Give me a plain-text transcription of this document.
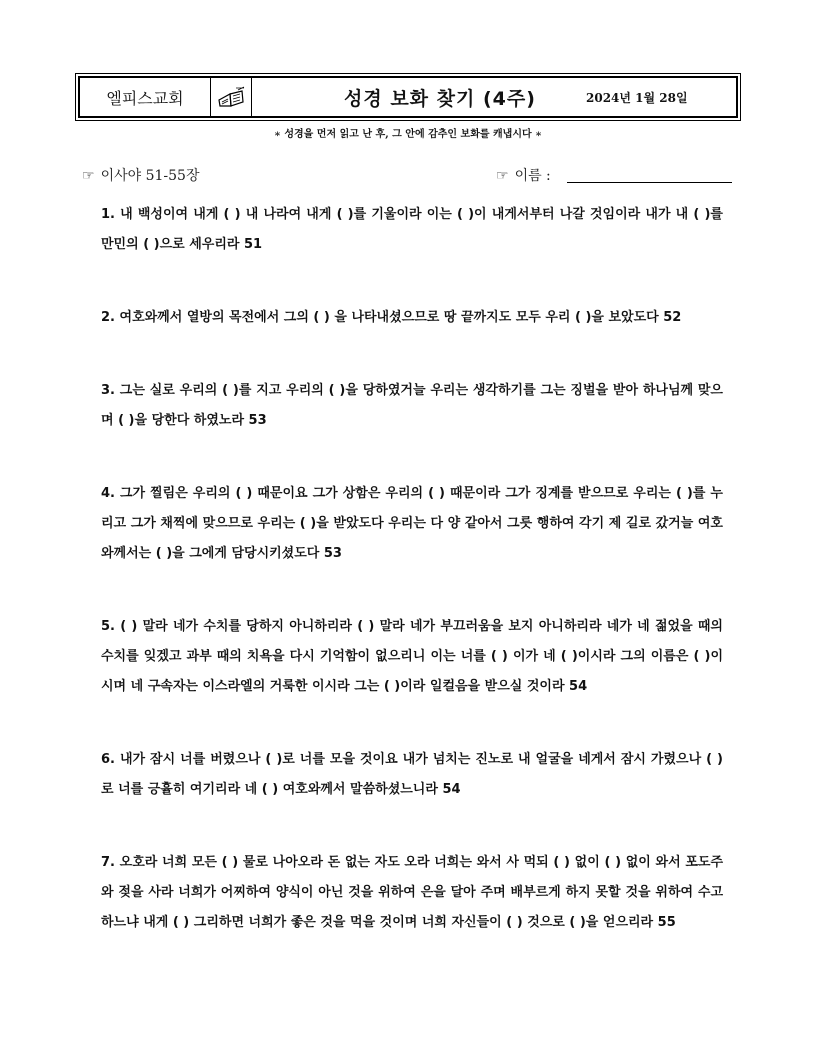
엘피스교회	성경 보화 찾기 (4주)	2024년 1월 28일
∗ 성경을 먼저 읽고 난 후, 그 안에 감추인 보화를 캐냅시다 ∗
☞ 이사야 51-55장	☞ 이름 :

1. 내 백성이여 내게 ( ) 내 나라여 내게 ( )를 기울이라 이는 ( )이 내게서부터 나갈 것임이라 내가 내 ( )를 만민의 ( )으로 세우리라 51

2. 여호와께서 열방의 목전에서 그의 ( ) 을 나타내셨으므로 땅 끝까지도 모두 우리 ( )을 보았도다 52

3. 그는 실로 우리의 ( )를 지고 우리의 ( )을 당하였거늘 우리는 생각하기를 그는 징벌을 받아 하나님께 맞으며 ( )을 당한다 하였노라 53

4. 그가 찔림은 우리의 ( ) 때문이요 그가 상함은 우리의 ( ) 때문이라 그가 징계를 받으므로 우리는 ( )를 누리고 그가 채찍에 맞으므로 우리는 ( )을 받았도다 우리는 다 양 같아서 그릇 행하여 각기 제 길로 갔거늘 여호와께서는 ( )을 그에게 담당시키셨도다 53

5. ( ) 말라 네가 수치를 당하지 아니하리라 ( ) 말라 네가 부끄러움을 보지 아니하리라 네가 네 젊었을 때의 수치를 잊겠고 과부 때의 치욕을 다시 기억함이 없으리니 이는 너를 ( ) 이가 네 ( )이시라 그의 이름은 ( )이시며 네 구속자는 이스라엘의 거룩한 이시라 그는 ( )이라 일컬음을 받으실 것이라 54

6. 내가 잠시 너를 버렸으나 ( )로 너를 모을 것이요 내가 넘치는 진노로 내 얼굴을 네게서 잠시 가렸으나 ( )로 너를 긍휼히 여기리라 네 ( ) 여호와께서 말씀하셨느니라 54

7. 오호라 너희 모든 ( ) 물로 나아오라 돈 없는 자도 오라 너희는 와서 사 먹되 ( ) 없이 ( ) 없이 와서 포도주와 젖을 사라 너희가 어찌하여 양식이 아닌 것을 위하여 은을 달아 주며 배부르게 하지 못할 것을 위하여 수고하느냐 내게 ( ) 그리하면 너희가 좋은 것을 먹을 것이며 너희 자신들이 ( ) 것으로 ( )을 얻으리라 55
